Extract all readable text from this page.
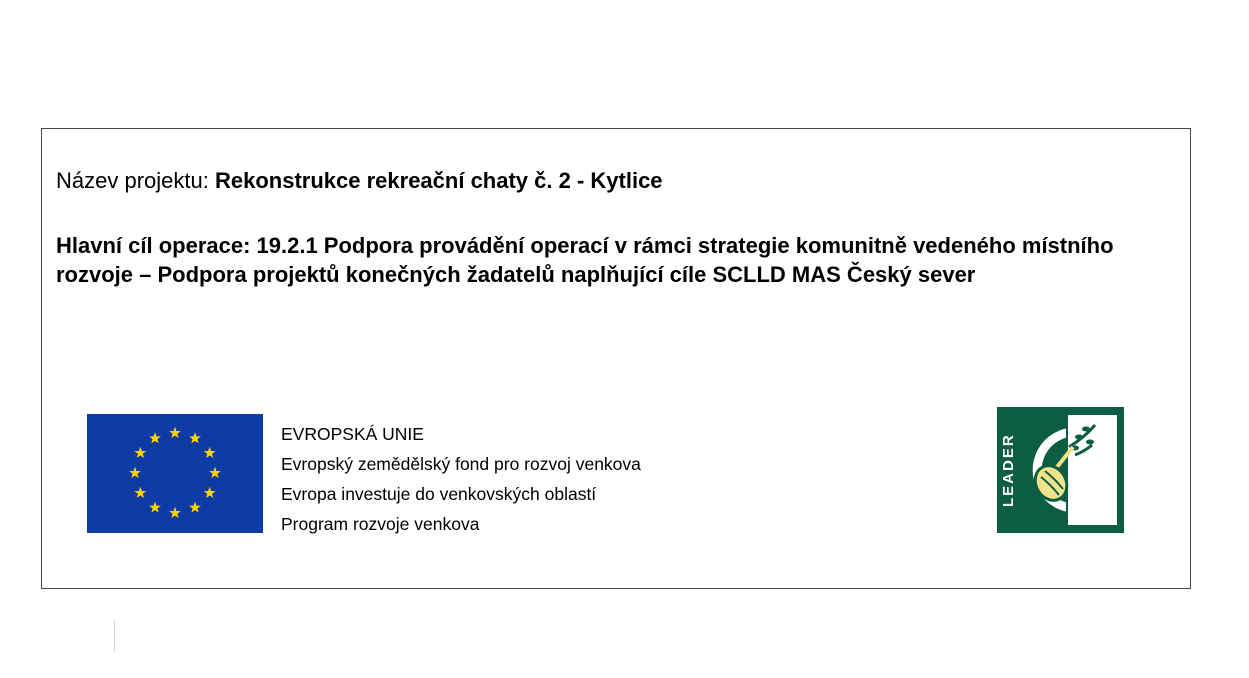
Název projektu: Rekonstrukce rekreační chaty č. 2 - Kytlice
Hlavní cíl operace: 19.2.1 Podpora provádění operací v rámci strategie komunitně vedeného místního rozvoje – Podpora projektů konečných žadatelů naplňující cíle SCLLD MAS Český sever
EVROPSKÁ UNIE
Evropský zemědělský fond pro rozvoj venkova
Evropa investuje do venkovských oblastí
Program rozvoje venkova
LEADER
